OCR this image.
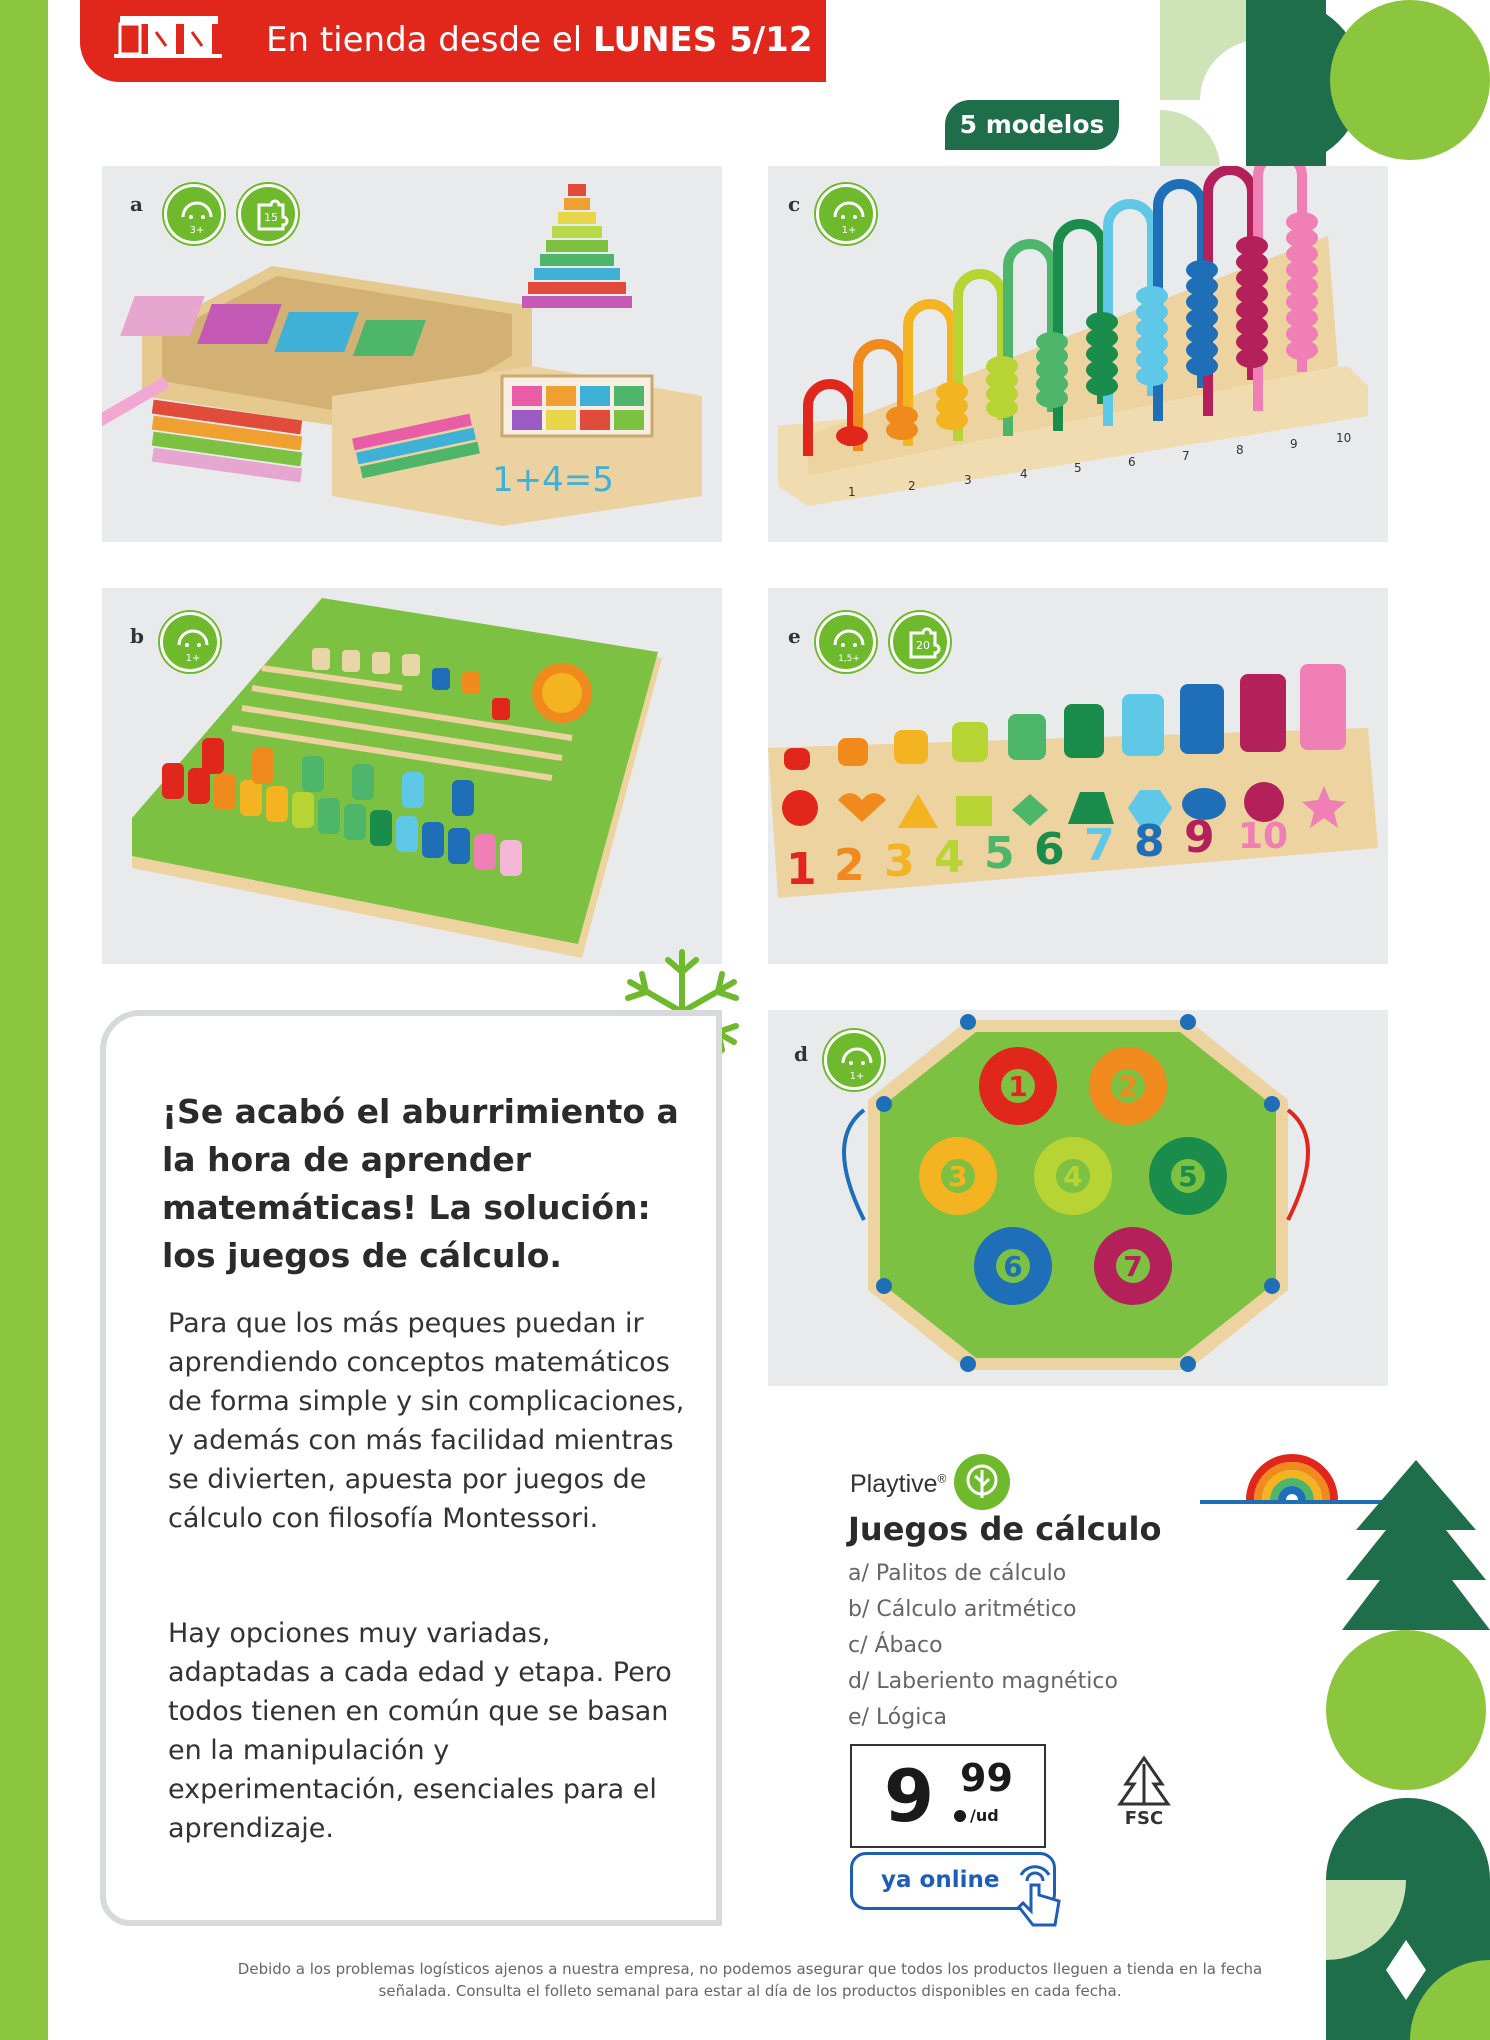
En tienda desde el LUNES 5/12
5 modelos
a
3+
15
1+4=5
c
1+
1	2	3	4	5	6	7	8	9	10
b
1+
e
1,5+
20
1 2 3 4 5 6 7 8 9 10
d
1+	1	2
3	4	5
6	7
¡Se acabó el aburrimiento a la hora de aprender matemáticas! La solución: los juegos de cálculo.
Para que los más peques puedan ir aprendiendo conceptos matemáticos de forma simple y sin complicaciones, y además con más facilidad mientras se divierten, apuesta por juegos de cálculo con filosofía Montessori.
Hay opciones muy variadas, adaptadas a cada edad y etapa. Pero todos tienen en común que se basan en la manipulación y experimentación, esenciales para el aprendizaje.
Playtive®
Juegos de cálculo
a/ Palitos de cálculo
b/ Cálculo aritmético
c/ Ábaco
d/ Laberiento magnético
e/ Lógica
9 99
/ud	FSC
ya online
Debido a los problemas logísticos ajenos a nuestra empresa, no podemos asegurar que todos los productos lleguen a tienda en la fecha señalada. Consulta el folleto semanal para estar al día de los productos disponibles en cada fecha.
